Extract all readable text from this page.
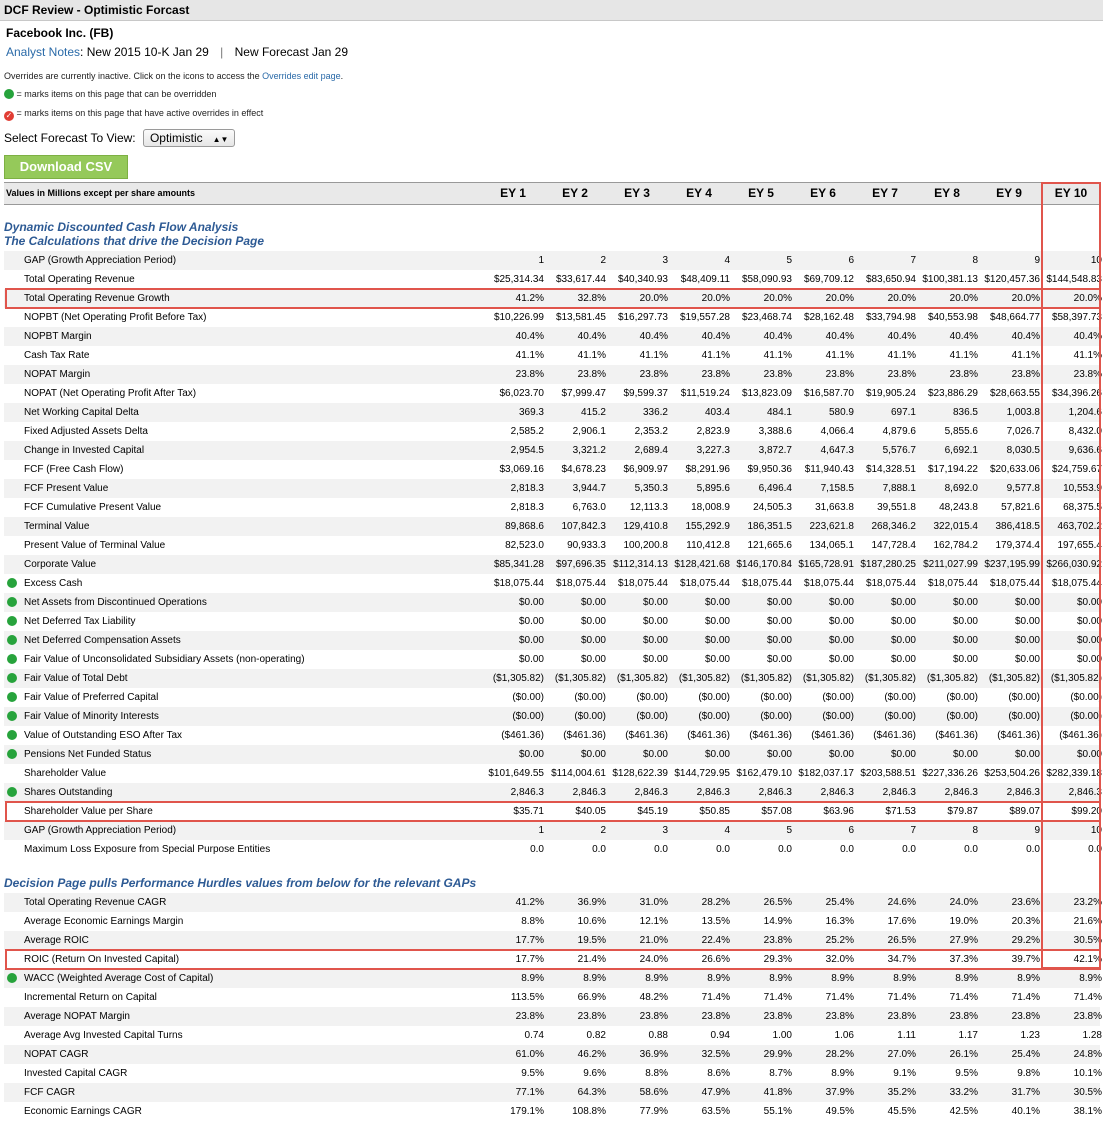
DCF Review - Optimistic Forcast
Facebook Inc. (FB)
Analyst Notes: New 2015 10-K Jan 29 | New Forecast Jan 29
Overrides are currently inactive. Click on the icons to access the Overrides edit page.
= marks items on this page that can be overridden
✓ = marks items on this page that have active overrides in effect
Select Forecast To View: Optimistic ▲▼
Download CSV
Values in Millions except per share amounts	EY 1	EY 2	EY 3	EY 4	EY 5	EY 6	EY 7	EY 8	EY 9	EY 10
Dynamic Discounted Cash Flow Analysis
The Calculations that drive the Decision Page
GAP (Growth Appreciation Period)	1	2	3	4	5	6	7	8	9	10
Total Operating Revenue	$25,314.34	$33,617.44	$40,340.93	$48,409.11	$58,090.93	$69,709.12	$83,650.94 $100,381.13 $120,457.36 $144,548.83
Total Operating Revenue Growth	41.2%	32.8%	20.0%	20.0%	20.0%	20.0%	20.0%	20.0%	20.0%	20.0%
NOPBT (Net Operating Profit Before Tax)	$10,226.99	$13,581.45	$16,297.73	$19,557.28	$23,468.74	$28,162.48	$33,794.98	$40,553.98	$48,664.77	$58,397.73
NOPBT Margin	40.4%	40.4%	40.4%	40.4%	40.4%	40.4%	40.4%	40.4%	40.4%	40.4%
Cash Tax Rate	41.1%	41.1%	41.1%	41.1%	41.1%	41.1%	41.1%	41.1%	41.1%	41.1%
NOPAT Margin	23.8%	23.8%	23.8%	23.8%	23.8%	23.8%	23.8%	23.8%	23.8%	23.8%
NOPAT (Net Operating Profit After Tax)	$6,023.70	$7,999.47	$9,599.37	$11,519.24	$13,823.09	$16,587.70	$19,905.24	$23,886.29	$28,663.55	$34,396.26
Net Working Capital Delta	369.3	415.2	336.2	403.4	484.1	580.9	697.1	836.5	1,003.8	1,204.6
Fixed Adjusted Assets Delta	2,585.2	2,906.1	2,353.2	2,823.9	3,388.6	4,066.4	4,879.6	5,855.6	7,026.7	8,432.0
Change in Invested Capital	2,954.5	3,321.2	2,689.4	3,227.3	3,872.7	4,647.3	5,576.7	6,692.1	8,030.5	9,636.6
FCF (Free Cash Flow)	$3,069.16	$4,678.23	$6,909.97	$8,291.96	$9,950.36	$11,940.43	$14,328.51	$17,194.22	$20,633.06	$24,759.67
FCF Present Value	2,818.3	3,944.7	5,350.3	5,895.6	6,496.4	7,158.5	7,888.1	8,692.0	9,577.8	10,553.9
FCF Cumulative Present Value	2,818.3	6,763.0	12,113.3	18,008.9	24,505.3	31,663.8	39,551.8	48,243.8	57,821.6	68,375.5
Terminal Value	89,868.6	107,842.3	129,410.8	155,292.9	186,351.5	223,621.8	268,346.2	322,015.4	386,418.5	463,702.2
Present Value of Terminal Value	82,523.0	90,933.3	100,200.8	110,412.8	121,665.6	134,065.1	147,728.4	162,784.2	179,374.4	197,655.4
Corporate Value	$85,341.28	$97,696.35 $112,314.13 $128,421.68 $146,170.84 $165,728.91 $187,280.25 $211,027.99 $237,195.99 $266,030.92
Excess Cash	$18,075.44	$18,075.44	$18,075.44	$18,075.44	$18,075.44	$18,075.44	$18,075.44	$18,075.44	$18,075.44	$18,075.44
Net Assets from Discontinued Operations	$0.00	$0.00	$0.00	$0.00	$0.00	$0.00	$0.00	$0.00	$0.00	$0.00
Net Deferred Tax Liability	$0.00	$0.00	$0.00	$0.00	$0.00	$0.00	$0.00	$0.00	$0.00	$0.00
Net Deferred Compensation Assets	$0.00	$0.00	$0.00	$0.00	$0.00	$0.00	$0.00	$0.00	$0.00	$0.00
Fair Value of Unconsolidated Subsidiary Assets (non-operating)	$0.00	$0.00	$0.00	$0.00	$0.00	$0.00	$0.00	$0.00	$0.00	$0.00
Fair Value of Total Debt	($1,305.82)	($1,305.82)	($1,305.82)	($1,305.82)	($1,305.82)	($1,305.82)	($1,305.82)	($1,305.82)	($1,305.82)	($1,305.82)
Fair Value of Preferred Capital	($0.00)	($0.00)	($0.00)	($0.00)	($0.00)	($0.00)	($0.00)	($0.00)	($0.00)	($0.00)
Fair Value of Minority Interests	($0.00)	($0.00)	($0.00)	($0.00)	($0.00)	($0.00)	($0.00)	($0.00)	($0.00)	($0.00)
Value of Outstanding ESO After Tax	($461.36)	($461.36)	($461.36)	($461.36)	($461.36)	($461.36)	($461.36)	($461.36)	($461.36)	($461.36)
Pensions Net Funded Status	$0.00	$0.00	$0.00	$0.00	$0.00	$0.00	$0.00	$0.00	$0.00	$0.00
Shareholder Value	$101,649.55 $114,004.61 $128,622.39 $144,729.95 $162,479.10 $182,037.17 $203,588.51 $227,336.26 $253,504.26 $282,339.18
Shares Outstanding	2,846.3	2,846.3	2,846.3	2,846.3	2,846.3	2,846.3	2,846.3	2,846.3	2,846.3	2,846.3
Shareholder Value per Share	$35.71	$40.05	$45.19	$50.85	$57.08	$63.96	$71.53	$79.87	$89.07	$99.20
GAP (Growth Appreciation Period)	1	2	3	4	5	6	7	8	9	10
Maximum Loss Exposure from Special Purpose Entities	0.0	0.0	0.0	0.0	0.0	0.0	0.0	0.0	0.0	0.0
Decision Page pulls Performance Hurdles values from below for the relevant GAPs
Total Operating Revenue CAGR	41.2%	36.9%	31.0%	28.2%	26.5%	25.4%	24.6%	24.0%	23.6%	23.2%
Average Economic Earnings Margin	8.8%	10.6%	12.1%	13.5%	14.9%	16.3%	17.6%	19.0%	20.3%	21.6%
Average ROIC	17.7%	19.5%	21.0%	22.4%	23.8%	25.2%	26.5%	27.9%	29.2%	30.5%
ROIC (Return On Invested Capital)	17.7%	21.4%	24.0%	26.6%	29.3%	32.0%	34.7%	37.3%	39.7%	42.1%
WACC (Weighted Average Cost of Capital)	8.9%	8.9%	8.9%	8.9%	8.9%	8.9%	8.9%	8.9%	8.9%	8.9%
Incremental Return on Capital	113.5%	66.9%	48.2%	71.4%	71.4%	71.4%	71.4%	71.4%	71.4%	71.4%
Average NOPAT Margin	23.8%	23.8%	23.8%	23.8%	23.8%	23.8%	23.8%	23.8%	23.8%	23.8%
Average Avg Invested Capital Turns	0.74	0.82	0.88	0.94	1.00	1.06	1.11	1.17	1.23	1.28
NOPAT CAGR	61.0%	46.2%	36.9%	32.5%	29.9%	28.2%	27.0%	26.1%	25.4%	24.8%
Invested Capital CAGR	9.5%	9.6%	8.8%	8.6%	8.7%	8.9%	9.1%	9.5%	9.8%	10.1%
FCF CAGR	77.1%	64.3%	58.6%	47.9%	41.8%	37.9%	35.2%	33.2%	31.7%	30.5%
Economic Earnings CAGR	179.1%	108.8%	77.9%	63.5%	55.1%	49.5%	45.5%	42.5%	40.1%	38.1%
